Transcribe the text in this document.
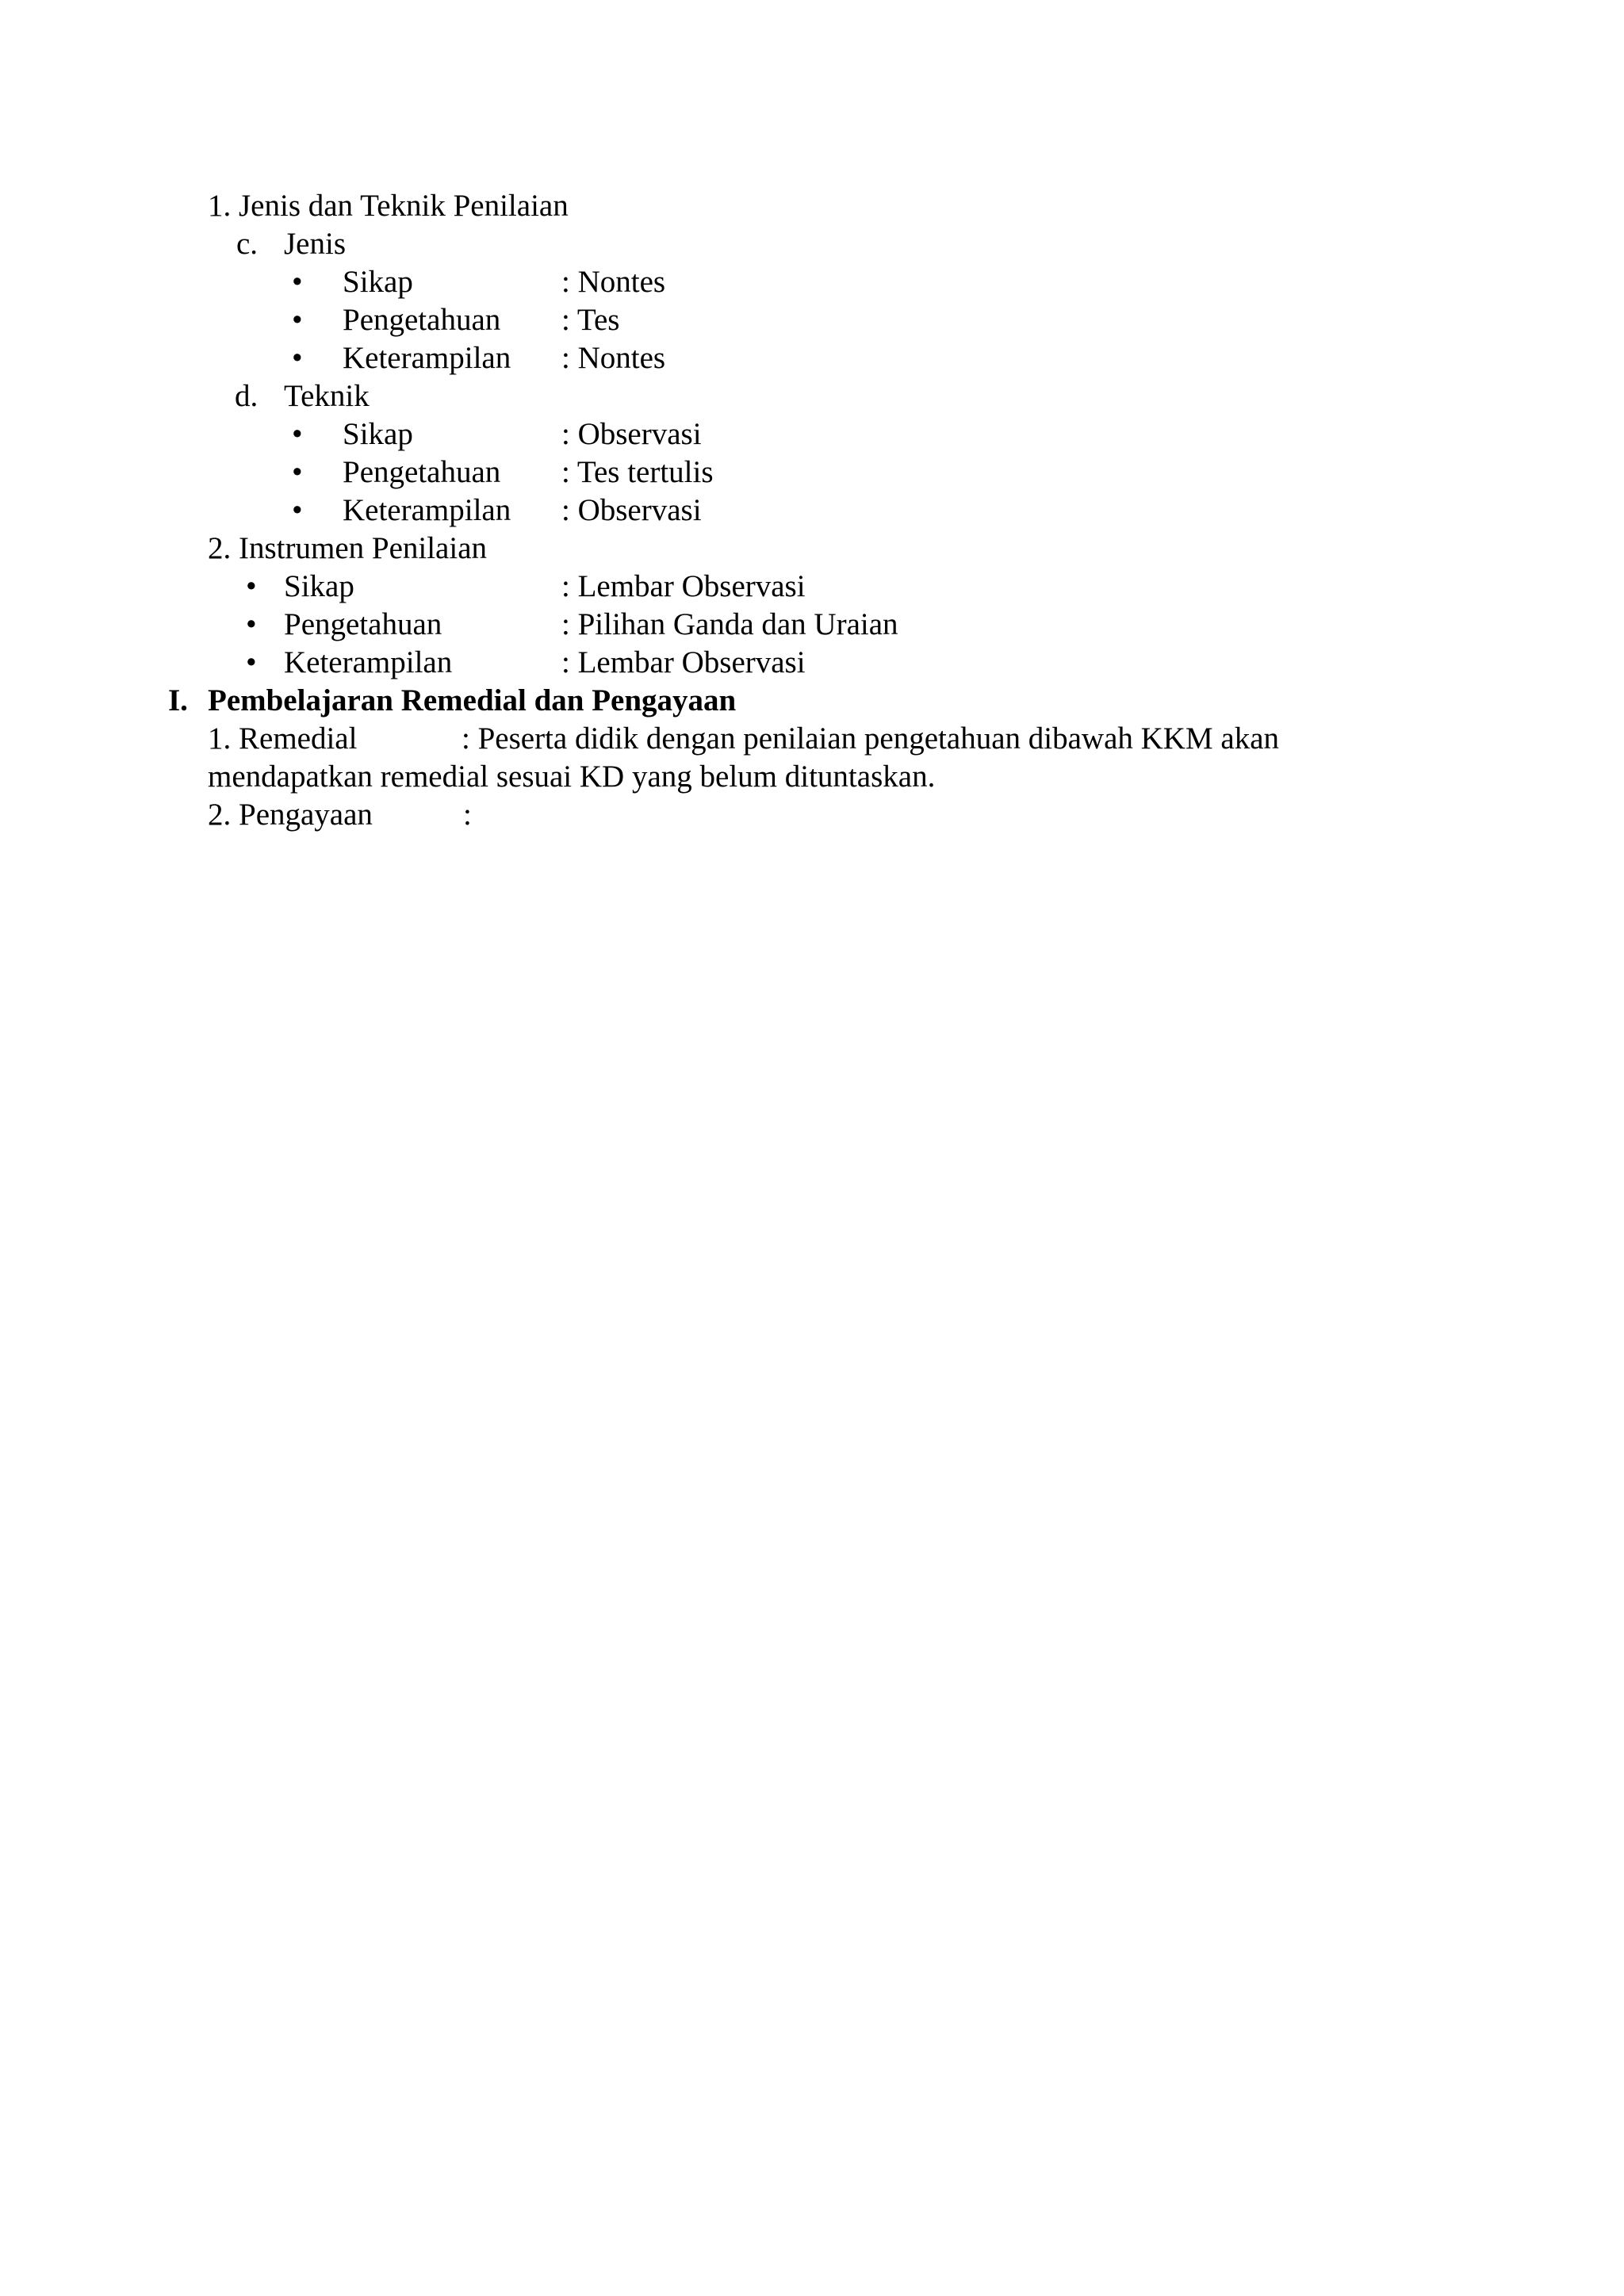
1. Jenis dan Teknik Penilaian
c. Jenis
• Sikap	: Nontes
• Pengetahuan : Tes
• Keterampilan : Nontes
d. Teknik
• Sikap	: Observasi
• Pengetahuan : Tes tertulis
• Keterampilan : Observasi
2. Instrumen Penilaian
• Sikap	: Lembar Observasi
• Pengetahuan	: Pilihan Ganda dan Uraian
• Keterampilan	: Lembar Observasi
I. Pembelajaran Remedial dan Pengayaan
1. Remedial	: Peserta didik dengan penilaian pengetahuan dibawah KKM akan
mendapatkan remedial sesuai KD yang belum dituntaskan.
2. Pengayaan	:
